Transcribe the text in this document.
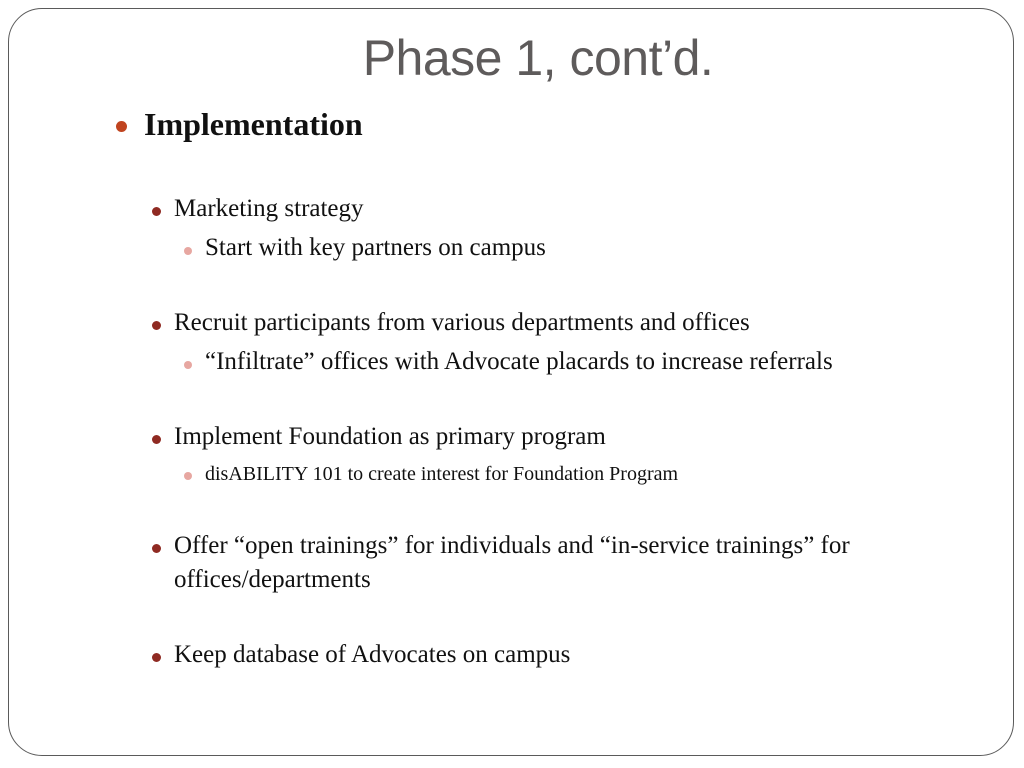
Phase 1, cont’d.
Implementation
Marketing strategy
Start with key partners on campus
Recruit participants from various departments and offices
“Infiltrate” offices with Advocate placards to increase referrals
Implement Foundation as primary program
disABILITY 101 to create interest for Foundation Program
Offer “open trainings” for individuals and “in-service trainings” for
offices/departments
Keep database of Advocates on campus
